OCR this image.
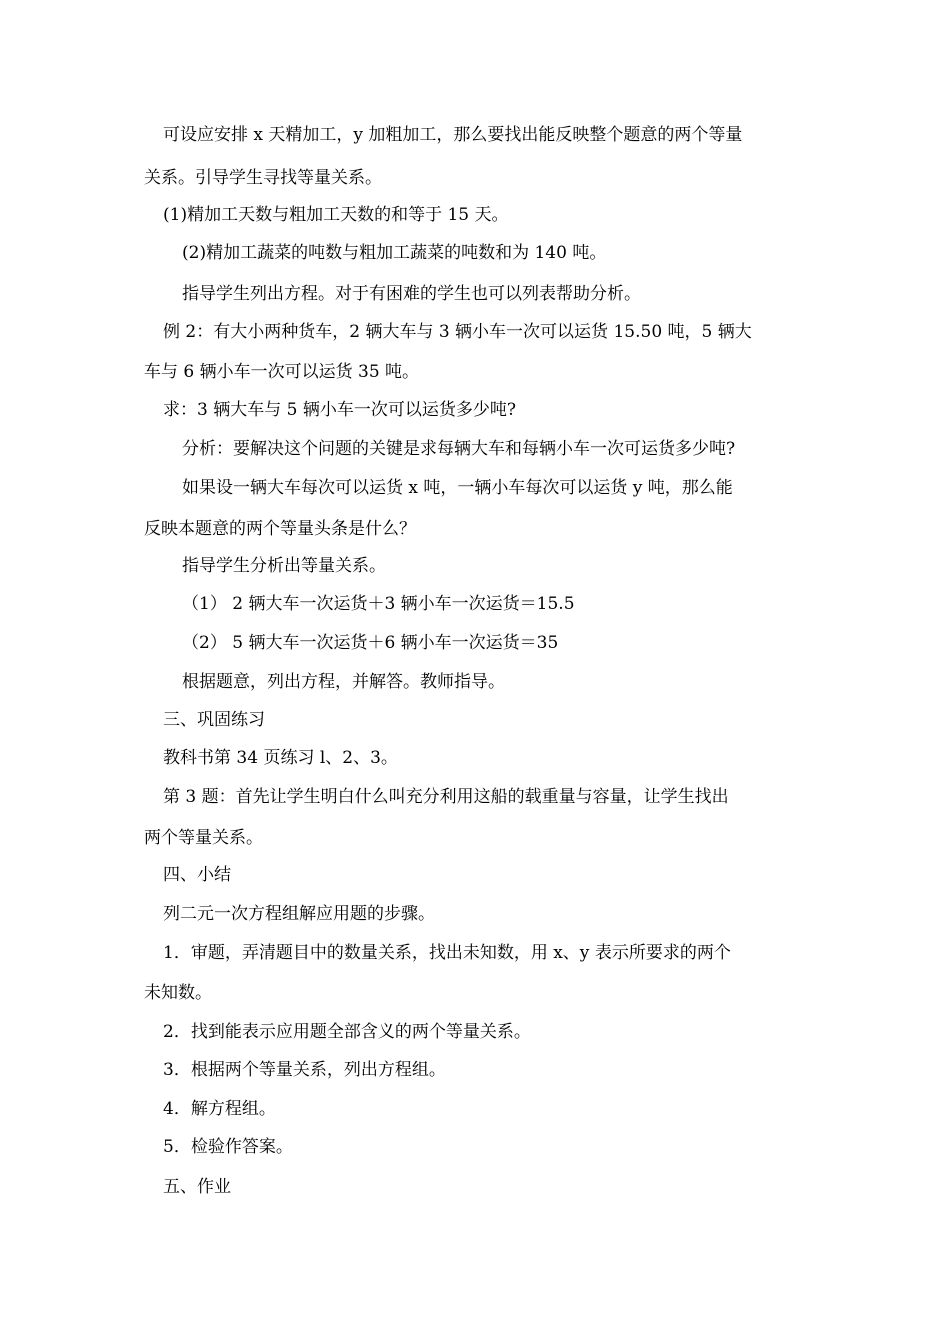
可设应安排 x 天精加工，y 加粗加工，那么要找出能反映整个题意的两个等量

关系。引导学生寻找等量关系。

(1)精加工天数与粗加工天数的和等于 15 天。

(2)精加工蔬菜的吨数与粗加工蔬菜的吨数和为 140 吨。

指导学生列出方程。对于有困难的学生也可以列表帮助分析。

例 2：有大小两种货车，2 辆大车与 3 辆小车一次可以运货 15.50 吨，5 辆大

车与 6 辆小车一次可以运货 35 吨。

求：3 辆大车与 5 辆小车一次可以运货多少吨?

分析：要解决这个问题的关键是求每辆大车和每辆小车一次可运货多少吨?

如果设一辆大车每次可以运货 x 吨，一辆小车每次可以运货 y 吨，那么能

反映本题意的两个等量头条是什么？

指导学生分析出等量关系。

（1） 2 辆大车一次运货＋3 辆小车一次运货＝15.5

（2） 5 辆大车一次运货＋6 辆小车一次运货＝35

根据题意，列出方程，并解答。教师指导。

三、巩固练习

教科书第 34 页练习 l、2、3。

第 3 题：首先让学生明白什么叫充分利用这船的载重量与容量，让学生找出

两个等量关系。

四、小结

列二元一次方程组解应用题的步骤。

1．审题，弄清题目中的数量关系，找出未知数，用 x、y 表示所要求的两个

未知数。

2．找到能表示应用题全部含义的两个等量关系。

3．根据两个等量关系，列出方程组。

4．解方程组。

5．检验作答案。

五、作业
